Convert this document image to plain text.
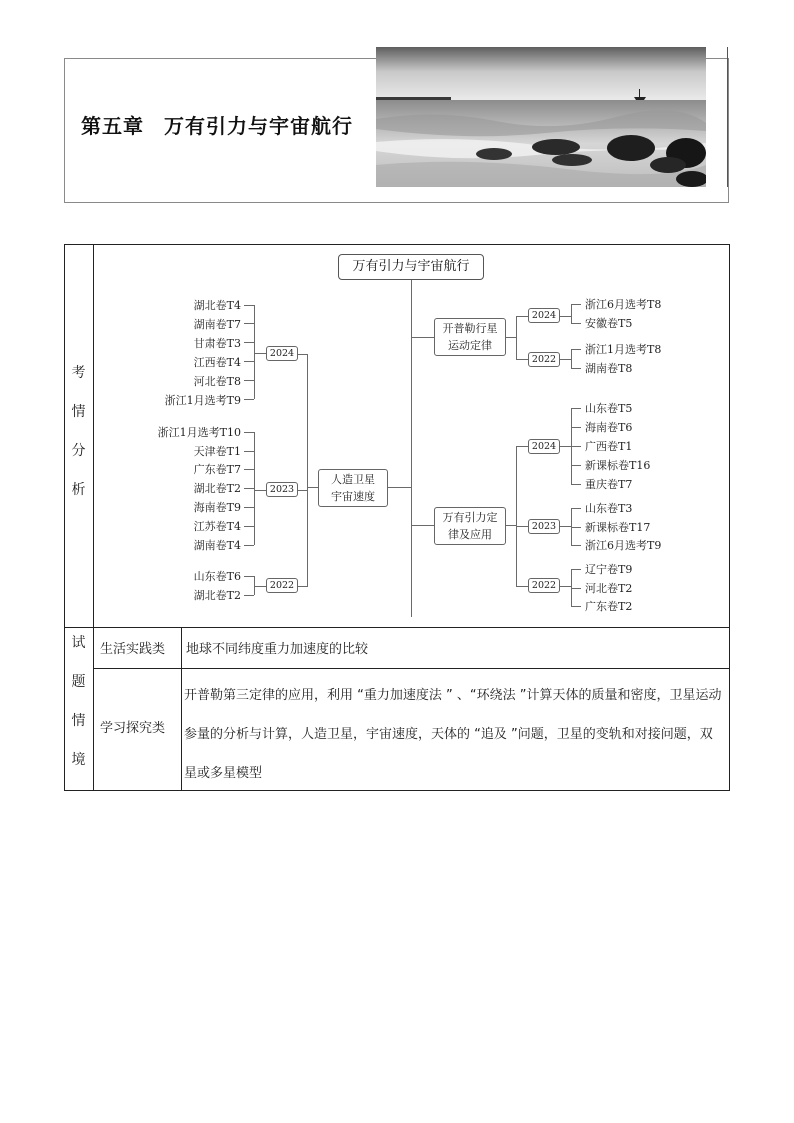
第五章 万有引力与宇宙航行
考
情
分
析
试
题
情
境
生活实践类 地球不同纬度重力加速度的比较
学习探究类

开普勒第三定律的应用，利用 “重力加速度法 ” 、“环绕法 ”计算天体的质量和密度，卫星运动参量的分析与计算，人造卫星，宇宙速度，天体的 “追及 ”问题，卫星的变轨和对接问题，双星或多星模型

万有引力与宇宙航行
人造卫星
宇宙速度
2024
湖北卷T4
湖南卷T7
甘肃卷T3
江西卷T4
河北卷T8
浙江1月选考T9
2023
浙江1月选考T10
天津卷T1
广东卷T7
湖北卷T2
海南卷T9
江苏卷T4
湖南卷T4
2022
山东卷T6
湖北卷T2
开普勒行星
运动定律
2024
2022
浙江6月选考T8
安徽卷T5
浙江1月选考T8
湖南卷T8
万有引力定
律及应用
2024
2023
2022
山东卷T5
海南卷T6
广西卷T1
新课标卷T16
重庆卷T7
山东卷T3
新课标卷T17
浙江6月选考T9
辽宁卷T9
河北卷T2
广东卷T2
